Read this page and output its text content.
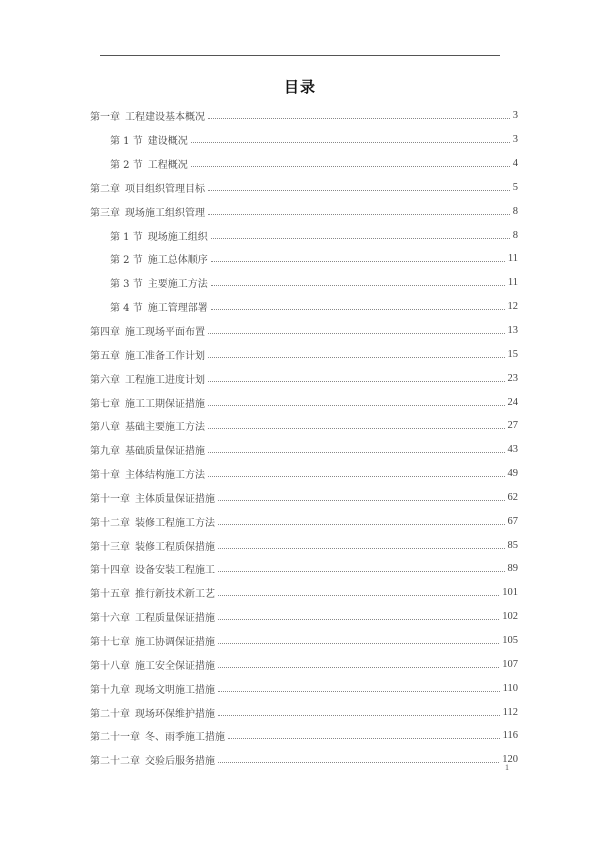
目录
第一章 工程建设基本概况	3
第 1 节 建设概况	3
第 2 节 工程概况	4
第二章 项目组织管理目标	5
第三章 现场施工组织管理	8
第 1 节 现场施工组织	8
第 2 节 施工总体顺序	11
第 3 节 主要施工方法	11
第 4 节 施工管理部署	12
第四章 施工现场平面布置	13
第五章 施工准备工作计划	15
第六章 工程施工进度计划	23
第七章 施工工期保证措施	24
第八章 基础主要施工方法	27
第九章 基础质量保证措施	43
第十章 主体结构施工方法	49
第十一章 主体质量保证措施	62
第十二章 装修工程施工方法	67
第十三章 装修工程质保措施	85
第十四章 设备安装工程施工	89
第十五章 推行新技术新工艺	101
第十六章 工程质量保证措施	102
第十七章 施工协调保证措施	105
第十八章 施工安全保证措施	107
第十九章 现场文明施工措施	110
第二十章 现场环保维护措施	112
第二十一章 冬、雨季施工措施	116
第二十二章 交验后服务措施	120
1
